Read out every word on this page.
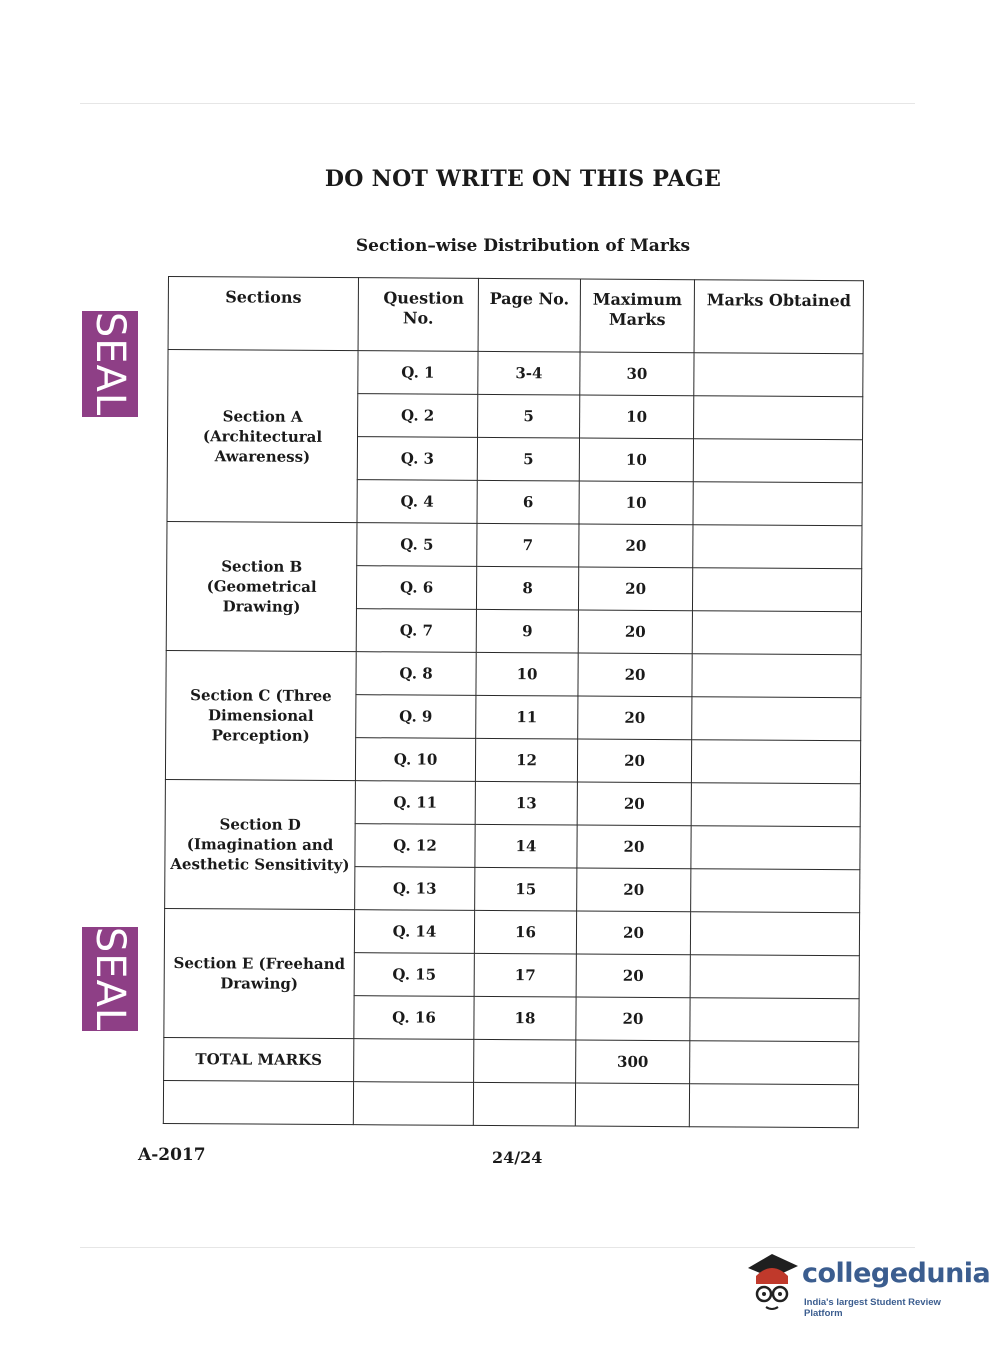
DO NOT WRITE ON THIS PAGE
Section–wise Distribution of Marks
SEAL
SEAL
Sections	Question No.	Page No.	Maximum Marks	Marks Obtained
Section A (Architectural Awareness)	Q. 1	3-4	30	
	Q. 2	5	10	
	Q. 3	5	10	
	Q. 4	6	10	
Section B (Geometrical Drawing)	Q. 5	7	20	
	Q. 6	8	20	
	Q. 7	9	20	
Section C (Three Dimensional Perception)	Q. 8	10	20	
	Q. 9	11	20	
	Q. 10	12	20	
Section D (Imagination and Aesthetic Sensitivity)	Q. 11	13	20	
	Q. 12	14	20	
	Q. 13	15	20	
Section E (Freehand Drawing)	Q. 14	16	20	
	Q. 15	17	20	
	Q. 16	18	20	
TOTAL MARKS			300	

A-2017	24/24
collegedunia
India's largest Student Review Platform
